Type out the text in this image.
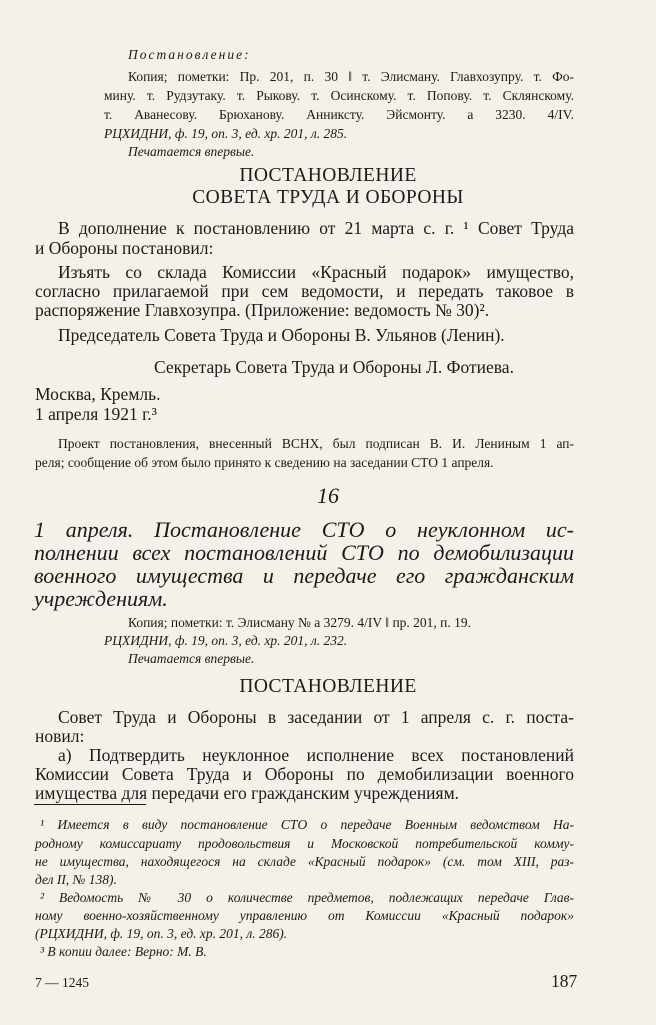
Постановление:
Копия; пометки: Пр. 201, п. 30 ‖ т. Элисману. Главхозупру. т. Фо-
мину. т. Рудзутаку. т. Рыкову. т. Осинскому. т. Попову. т. Склянскому.
т. Аванесову. Брюханову. Анниксту. Эйсмонту. а 3230. 4/IV.
РЦХИДНИ, ф. 19, оп. 3, ед. хр. 201, л. 285.
Печатается впервые.
ПОСТАНОВЛЕНИЕ
СОВЕТА ТРУДА И ОБОРОНЫ
В дополнение к постановлению от 21 марта с. г. ¹ Совет Труда
и Обороны постановил:
Изъять со склада Комиссии «Красный подарок» имущество,
согласно прилагаемой при сем ведомости, и передать таковое в
распоряжение Главхозупра. (Приложение: ведомость № 30)².
Председатель Совета Труда и Обороны В. Ульянов (Ленин).
Секретарь Совета Труда и Обороны Л. Фотиева.
Москва, Кремль.
1 апреля 1921 г.³
Проект постановления, внесенный ВСНХ, был подписан В. И. Лениным 1 ап-
реля; сообщение об этом было принято к сведению на заседании СТО 1 апреля.
16
1 апреля. Постановление СТО о неуклонном ис-
полнении всех постановлений СТО по демобилизации
военного имущества и передаче его гражданским
учреждениям.
Копия; пометки: т. Элисману № а 3279. 4/IV ‖ пр. 201, п. 19.
РЦХИДНИ, ф. 19, оп. 3, ед. хр. 201, л. 232.
Печатается впервые.
ПОСТАНОВЛЕНИЕ
Совет Труда и Обороны в заседании от 1 апреля с. г. поста-
новил:
а) Подтвердить неуклонное исполнение всех постановлений
Комиссии Совета Труда и Обороны по демобилизации военного
имущества для передачи его гражданским учреждениям.
¹ Имеется в виду постановление СТО о передаче Военным ведомством На-
родному комиссариату продовольствия и Московской потребительской комму-
не имущества, находящегося на складе «Красный подарок» (см. том XIII, раз-
дел II, № 138).
² Ведомость № 30 о количестве предметов, подлежащих передаче Глав-
ному военно-хозяйственному управлению от Комиссии «Красный подарок»
(РЦХИДНИ, ф. 19, оп. 3, ед. хр. 201, л. 286).
³ В копии далее: Верно: М. В.
7 — 1245	187
